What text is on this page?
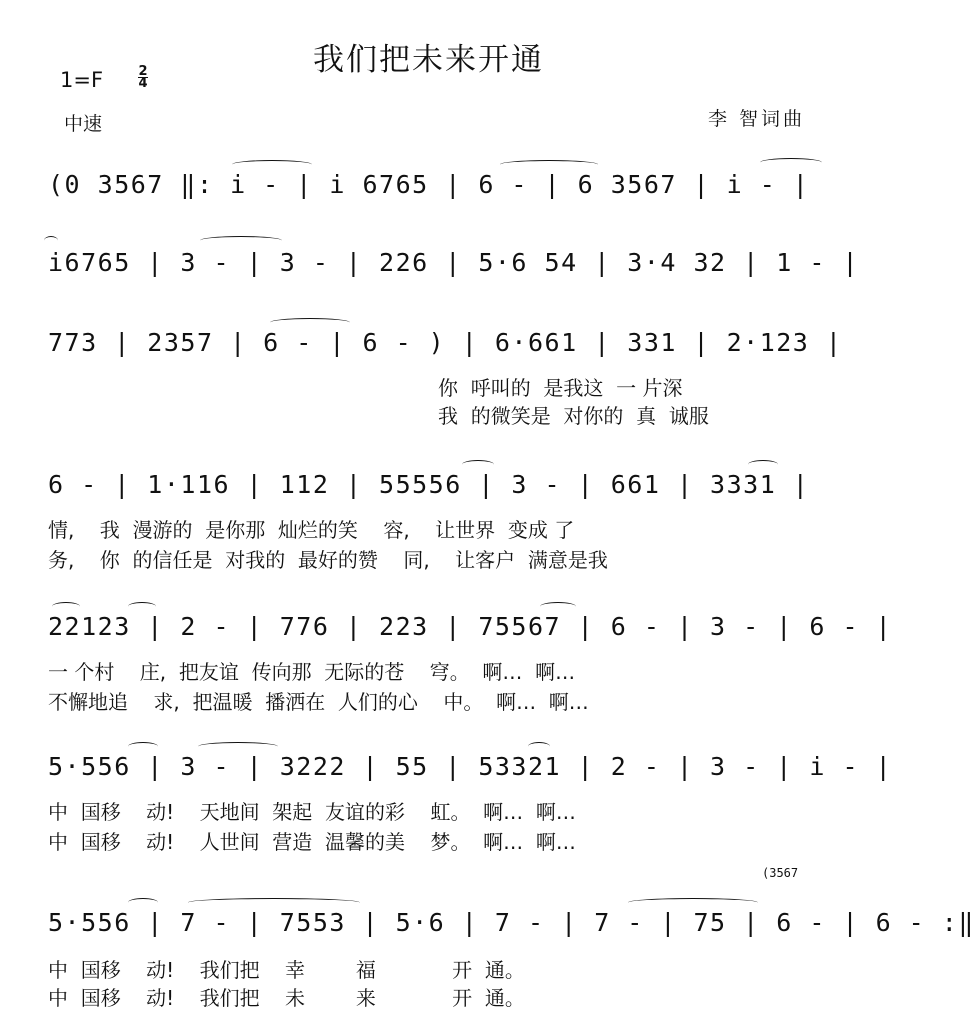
我们把未来开通
1=F	2
4
中速	李 智词曲
(0 3567 ‖: i - | i 6765 | 6 - | 6 3567 | i - |
i6765 | 3 - | 3 - | 226 | 5·6 54 | 3·4 32 | 1 - |
773 | 2357 | 6 - | 6 - ) | 6·661 | 331 | 2·123 |
你  呼叫的  是我这  一 片深
我  的微笑是  对你的  真  诚服
6 - | 1·116 | 112 | 55556 | 3 - | 661 | 3331 |
情,    我  漫游的  是你那  灿烂的笑    容,    让世界  变成 了
务,    你  的信任是  对我的  最好的赞    同,    让客户  满意是我
22123 | 2 - | 776 | 223 | 75567 | 6 - | 3 - | 6 - |
一 个村    庄,  把友谊  传向那  无际的苍    穹。  啊…  啊…
不懈地追    求,  把温暖  播洒在  人们的心    中。  啊…  啊…
5·556 | 3 - | 3222 | 55 | 53321 | 2 - | 3 - | i - |
中  国移    动!    天地间  架起  友谊的彩    虹。  啊…  啊…
中  国移    动!    人世间  营造  温馨的美    梦。  啊…  啊…
(3567
5·556 | 7 - | 7553 | 5·6 | 7 - | 7 - | 75 | 6 - | 6 - :‖
中  国移    动!    我们把    幸        福            开  通。
中  国移    动!    我们把    未        来            开  通。
